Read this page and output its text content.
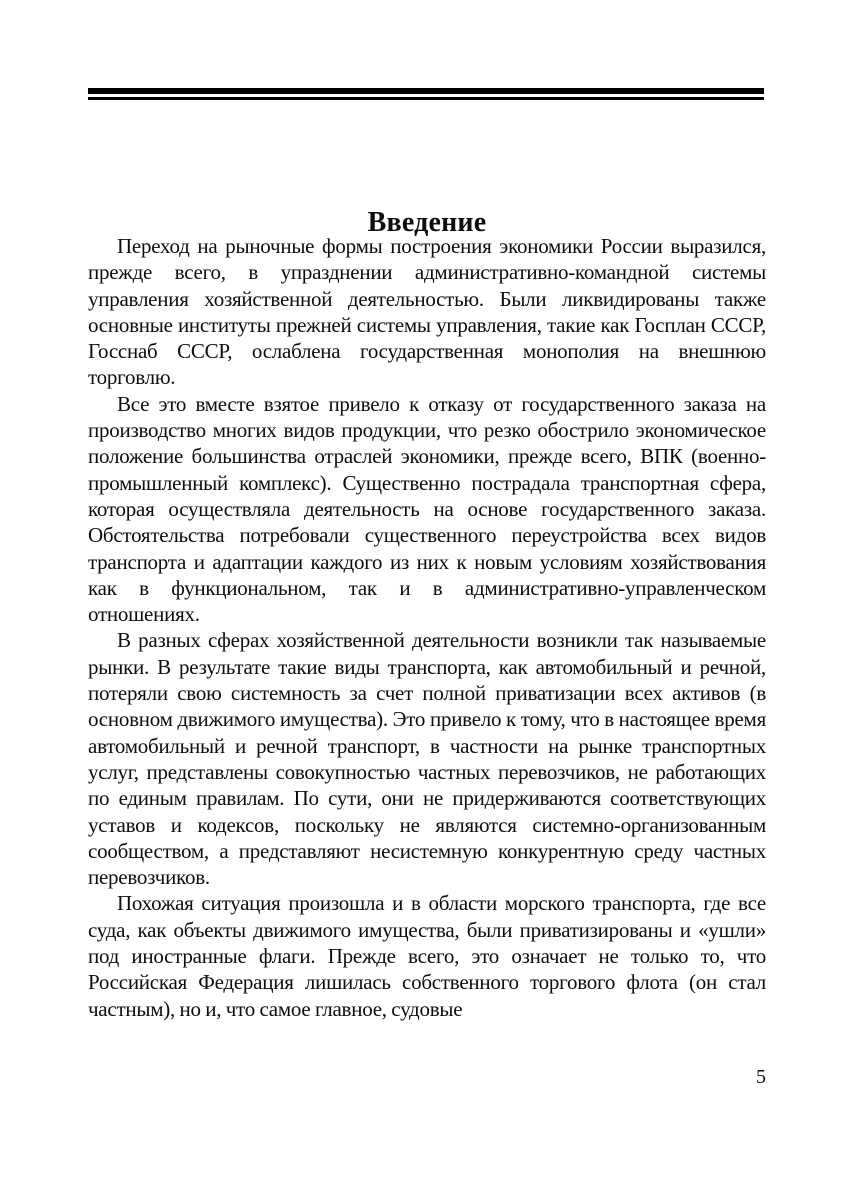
Введение

Переход на рыночные формы построения экономики России выразился, прежде всего, в упразднении административно-командной системы управления хозяйственной деятельностью. Были ликвидированы также основные институты прежней системы управления, такие как Госплан СССР, Госснаб СССР, ослаблена государственная монополия на внешнюю торговлю.

Все это вместе взятое привело к отказу от государственного заказа на производство многих видов продукции, что резко обострило экономическое положение большинства отраслей экономики, прежде всего, ВПК (военно-промышленный комплекс). Существенно пострадала транспортная сфера, которая осуществляла деятельность на основе государственного заказа. Обстоятельства потребовали существенного переустройства всех видов транспорта и адаптации каждого из них к новым условиям хозяйствования как в функциональном, так и в административно-управленческом отношениях.

В разных сферах хозяйственной деятельности возникли так называемые рынки. В результате такие виды транспорта, как автомобильный и речной, потеряли свою системность за счет полной приватизации всех активов (в основном движимого имущества). Это привело к тому, что в настоящее время автомобильный и речной транспорт, в частности на рынке транспортных услуг, представлены совокупностью частных перевозчиков, не работающих по единым правилам. По сути, они не придерживаются соответствующих уставов и кодексов, поскольку не являются системно-организованным сообществом, а представляют несистемную конкурентную среду частных перевозчиков.

Похожая ситуация произошла и в области морского транспорта, где все суда, как объекты движимого имущества, были приватизированы и «ушли» под иностранные флаги. Прежде всего, это означает не только то, что Российская Федерация лишилась собственного торгового флота (он стал частным), но и, что самое главное, судовые

5
